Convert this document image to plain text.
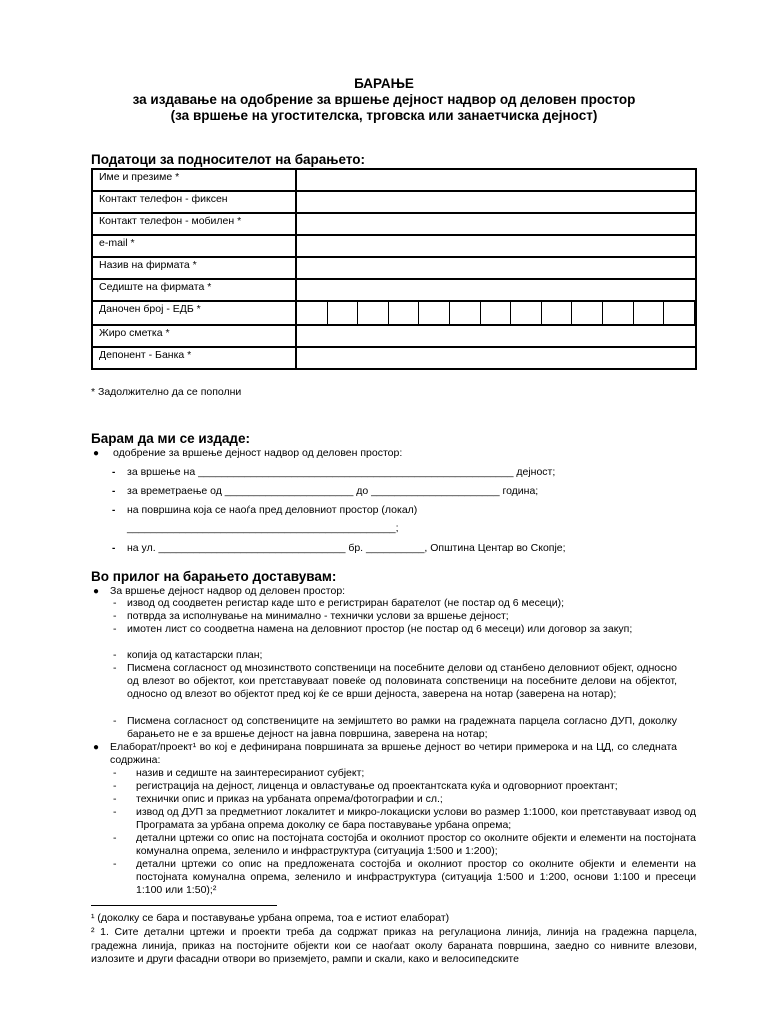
БАРАЊЕ
за издавање на одобрение за вршење дејност надвор од деловен простор
(за вршење на угостителска, трговска или занаетчиска дејност)
Податоци за подносителот на барањето:
Име и презиме *	
Контакт телефон - фиксен	
Контакт телефон - мобилен *	
e-mail *	
Назив на фирмата *	
Седиште на фирмата *	
Даночен број - ЕДБ *	

Жиро сметка *	
Депонент - Банка *	
* Задолжително да се пополни
Барам да ми се издаде:
● одобрение за вршење дејност надвор од деловен простор:
- за вршење на ______________________________________________________ дејност;
- за времетраење од ______________________ до ______________________ година;
- на површина која се наоѓа пред деловниот простор (локал)
______________________________________________;
- на ул. ________________________________ бр. __________, Општина Центар во Скопје;
Во прилог на барањето доставувам:
● За вршење дејност надвор од деловен простор:
- извод од соодветен регистар каде што е регистриран барателот (не постар од 6 месеци);
- потврда за исполнување на минимално - технички услови за вршење дејност;
- имотен лист со соодветна намена на деловниот простор (не постар од 6 месеци) или договор за закуп;
- копија од катастарски план;
- Писмена согласност од мнозинството сопственици на посебните делови од станбено деловниот објект, односно од влезот во објектот, кои претставуваат повеќе од половината сопственици на посебните делови на објектот, односно од влезот во објектот пред кој ќе се врши дејноста, заверена на нотар (заверена на нотар);
- Писмена согласност од сопствениците на земјиштето во рамки на градежната парцела согласно ДУП, доколку барањето не е за вршење дејност на јавна површина, заверена на нотар;
● Елаборат/проект¹ во кој е дефинирана површината за вршење дејност во четири примерока и на ЦД, со следната содржина:
- назив и седиште на заинтересираниот субјект;
- регистрација на дејност, лиценца и овластување од проектантската куќа и одговорниот проектант;
- технички опис и приказ на урбаната опрема/фотографии и сл.;
- извод од ДУП за предметниот локалитет и микро-локациски услови во размер 1:1000, кои претставуваат извод од Програмата за урбана опрема доколку се бара поставување урбана опрема;
- детални цртежи со опис на постојната состојба и околниот простор со околните објекти и елементи на постојната комунална опрема, зеленило и инфраструктура (ситуација 1:500 и 1:200);
- детални цртежи со опис на предложената состојба и околниот простор со околните објекти и елементи на постојната комунална опрема, зеленило и инфраструктура (ситуација 1:500 и 1:200, основи 1:100 и пресеци 1:100 или 1:50);²
¹ (доколку се бара и поставување урбана опрема, тоа е истиот елаборат)
² 1. Сите детални цртежи и проекти треба да содржат приказ на регулациона линија, линија на градежна парцела, градежна линија, приказ на постојните објекти кои се наоѓаат околу бараната површина, заедно со нивните влезови, излозите и други фасадни отвори во приземјето, рампи и скали, како и велосипедските
